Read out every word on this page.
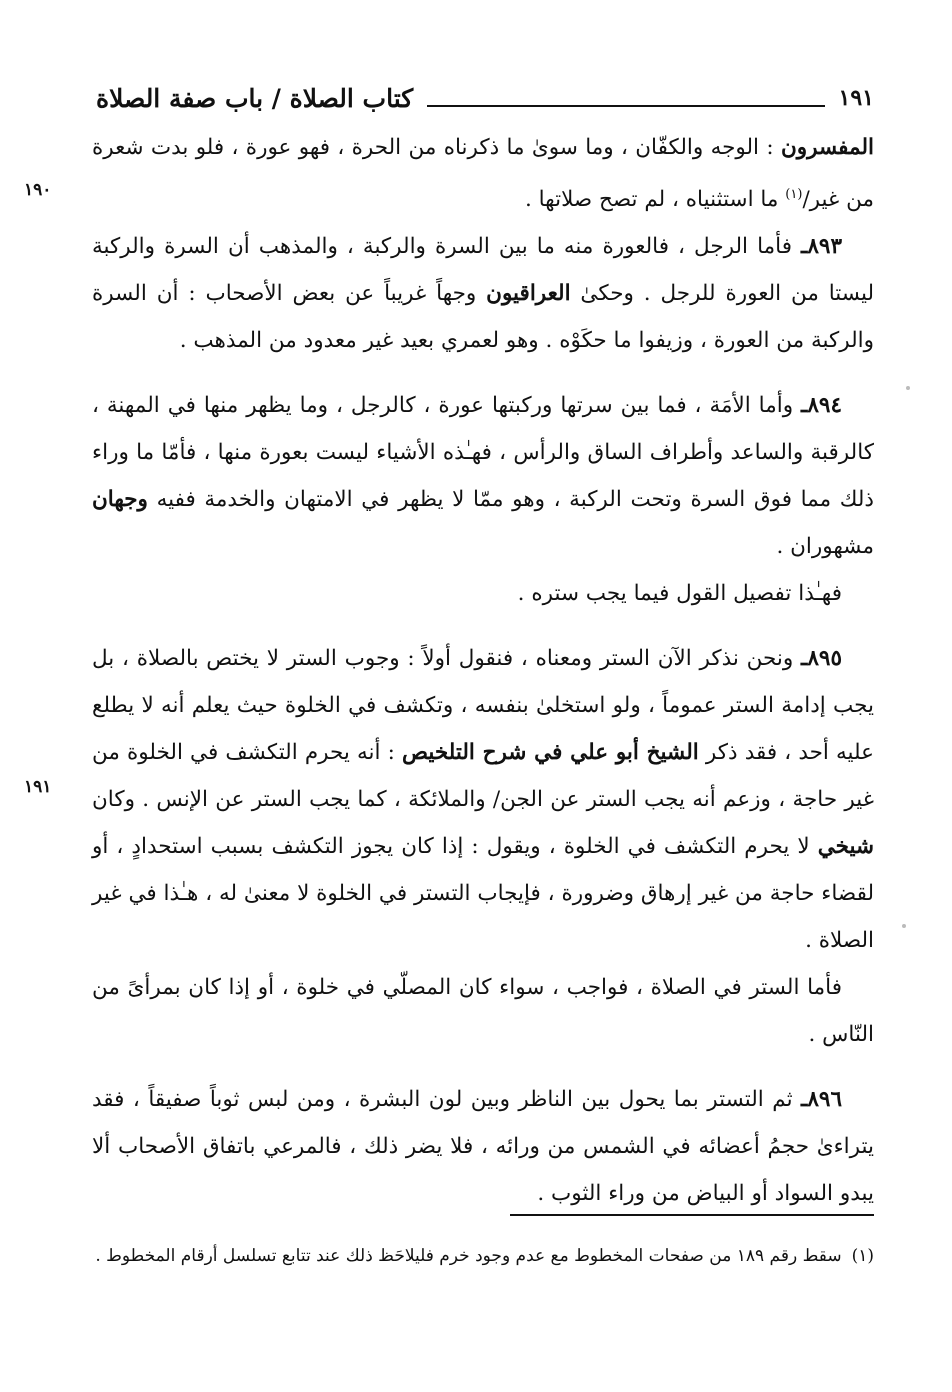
كتاب الصلاة / باب صفة الصلاة	١٩١

المفسرون : الوجه والكفّان ، وما سوىٰ ما ذكرناه من الحرة ، فهو عورة ، فلو بدت شعرة من غير/$^{(١)}$ ما استثنياه ، لم تصح صلاتها .

٨٩٣ـ فأما الرجل ، فالعورة منه ما بين السرة والركبة ، والمذهب أن السرة والركبة ليستا من العورة للرجل . وحكىٰ العراقيون وجهاً غريباً عن بعض الأصحاب : أن السرة والركبة من العورة ، وزيفوا ما حكَوْه . وهو لعمري بعيد غير معدود من المذهب .

٨٩٤ـ وأما الأمَة ، فما بين سرتها وركبتها عورة ، كالرجل ، وما يظهر منها في المهنة ، كالرقبة والساعد وأطراف الساق والرأس ، فهـٰذه الأشياء ليست بعورة منها ، فأمّا ما وراء ذلك مما فوق السرة وتحت الركبة ، وهو ممّا لا يظهر في الامتهان والخدمة ففيه وجهان مشهوران .

فهـٰذا تفصيل القول فيما يجب ستره .

٨٩٥ـ ونحن نذكر الآن الستر ومعناه ، فنقول أولاً : وجوب الستر لا يختص بالصلاة ، بل يجب إدامة الستر عموماً ، ولو استخلىٰ بنفسه ، وتكشف في الخلوة حيث يعلم أنه لا يطلع عليه أحد ، فقد ذكر الشيخ أبو علي في شرح التلخيص : أنه يحرم التكشف في الخلوة من غير حاجة ، وزعم أنه يجب الستر عن الجن/ والملائكة ، كما يجب الستر عن الإنس . وكان شيخي لا يحرم التكشف في الخلوة ، ويقول : إذا كان يجوز التكشف بسبب استحدادٍ ، أو لقضاء حاجة من غير إرهاق وضرورة ، فإيجاب التستر في الخلوة لا معنىٰ له ، هـٰذا في غير الصلاة .

فأما الستر في الصلاة ، فواجب ، سواء كان المصلّي في خلوة ، أو إذا كان بمرأىً من النّاس .

٨٩٦ـ ثم التستر بما يحول بين الناظر وبين لون البشرة ، ومن لبس ثوباً صفيقاً ، فقد يتراءىٰ حجمُ أعضائه في الشمس من ورائه ، فلا يضر ذلك ، فالمرعي باتفاق الأصحاب ألا يبدو السواد أو البياض من وراء الثوب .

١٩٠
١٩١
(١)
سقط رقم ١٨٩ من صفحات المخطوط مع عدم وجود خرم فليلاحَظ ذلك عند تتابع تسلسل أرقام المخطوط .
